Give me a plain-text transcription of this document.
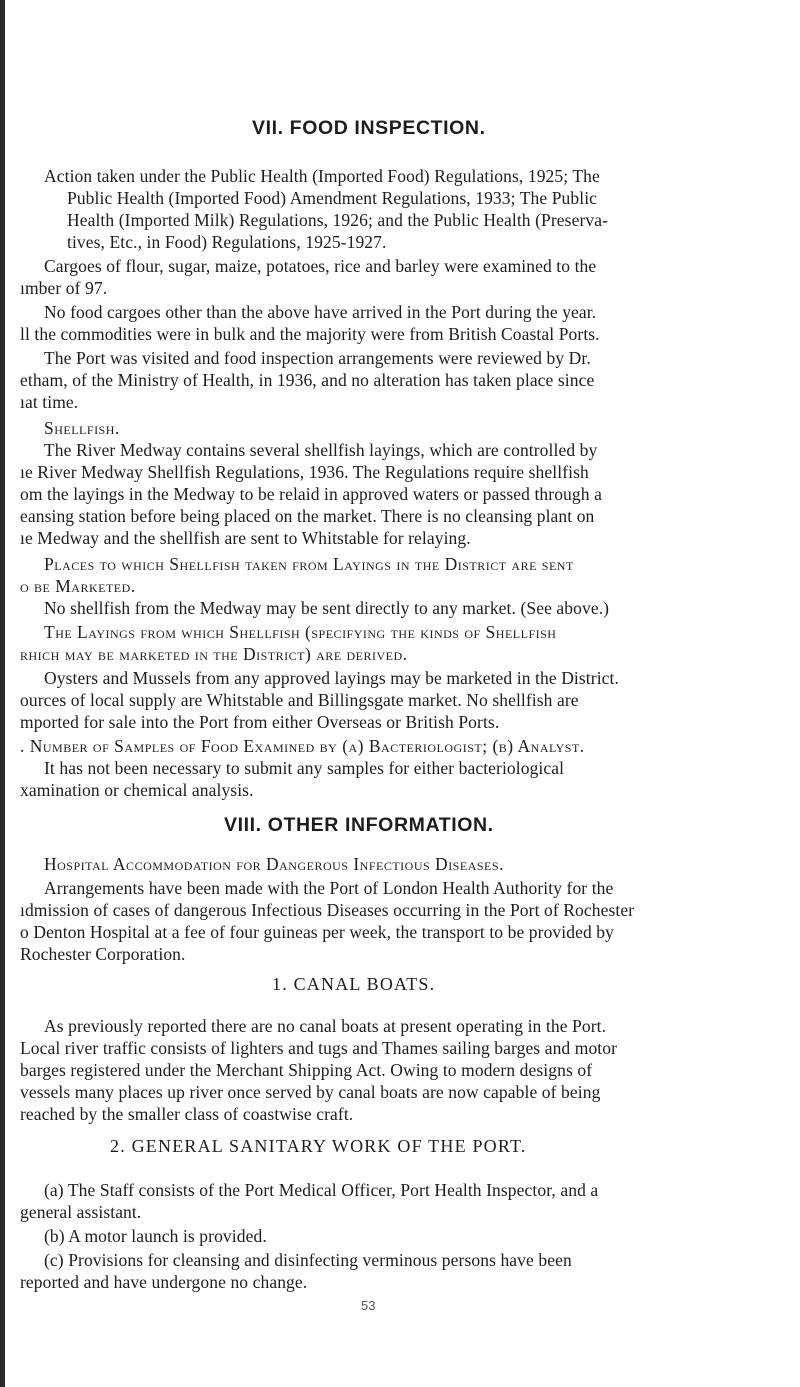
VII. FOOD INSPECTION.
Action taken under the Public Health (Imported Food) Regulations, 1925; The
Public Health (Imported Food) Amendment Regulations, 1933; The Public
Health (Imported Milk) Regulations, 1926; and the Public Health (Preserva-
tives, Etc., in Food) Regulations, 1925-1927.
Cargoes of flour, sugar, maize, potatoes, rice and barley were examined to the
ımber of 97.
No food cargoes other than the above have arrived in the Port during the year.
ll the commodities were in bulk and the majority were from British Coastal Ports.
The Port was visited and food inspection arrangements were reviewed by Dr.
etham, of the Ministry of Health, in 1936, and no alteration has taken place since
ıat time.
Shellfish.
The River Medway contains several shellfish layings, which are controlled by
ıe River Medway Shellfish Regulations, 1936. The Regulations require shellfish
om the layings in the Medway to be relaid in approved waters or passed through a
eansing station before being placed on the market. There is no cleansing plant on
ıe Medway and the shellfish are sent to Whitstable for relaying.
Places to which Shellfish taken from Layings in the District are sent
o be Marketed.
No shellfish from the Medway may be sent directly to any market. (See above.)
The Layings from which Shellfish (specifying the kinds of Shellfish
rhich may be marketed in the District) are derived.
Oysters and Mussels from any approved layings may be marketed in the District.
ources of local supply are Whitstable and Billingsgate market. No shellfish are
mported for sale into the Port from either Overseas or British Ports.
. Number of Samples of Food Examined by (a) Bacteriologist; (b) Analyst.
It has not been necessary to submit any samples for either bacteriological
xamination or chemical analysis.
VIII. OTHER INFORMATION.
Hospital Accommodation for Dangerous Infectious Diseases.
Arrangements have been made with the Port of London Health Authority for the
ıdmission of cases of dangerous Infectious Diseases occurring in the Port of Rochester
o Denton Hospital at a fee of four guineas per week, the transport to be provided by
Rochester Corporation.
1. CANAL BOATS.
As previously reported there are no canal boats at present operating in the Port.
Local river traffic consists of lighters and tugs and Thames sailing barges and motor
barges registered under the Merchant Shipping Act. Owing to modern designs of
vessels many places up river once served by canal boats are now capable of being
reached by the smaller class of coastwise craft.
2. GENERAL SANITARY WORK OF THE PORT.
(a) The Staff consists of the Port Medical Officer, Port Health Inspector, and a
general assistant.
(b) A motor launch is provided.
(c) Provisions for cleansing and disinfecting verminous persons have been
reported and have undergone no change.
53
